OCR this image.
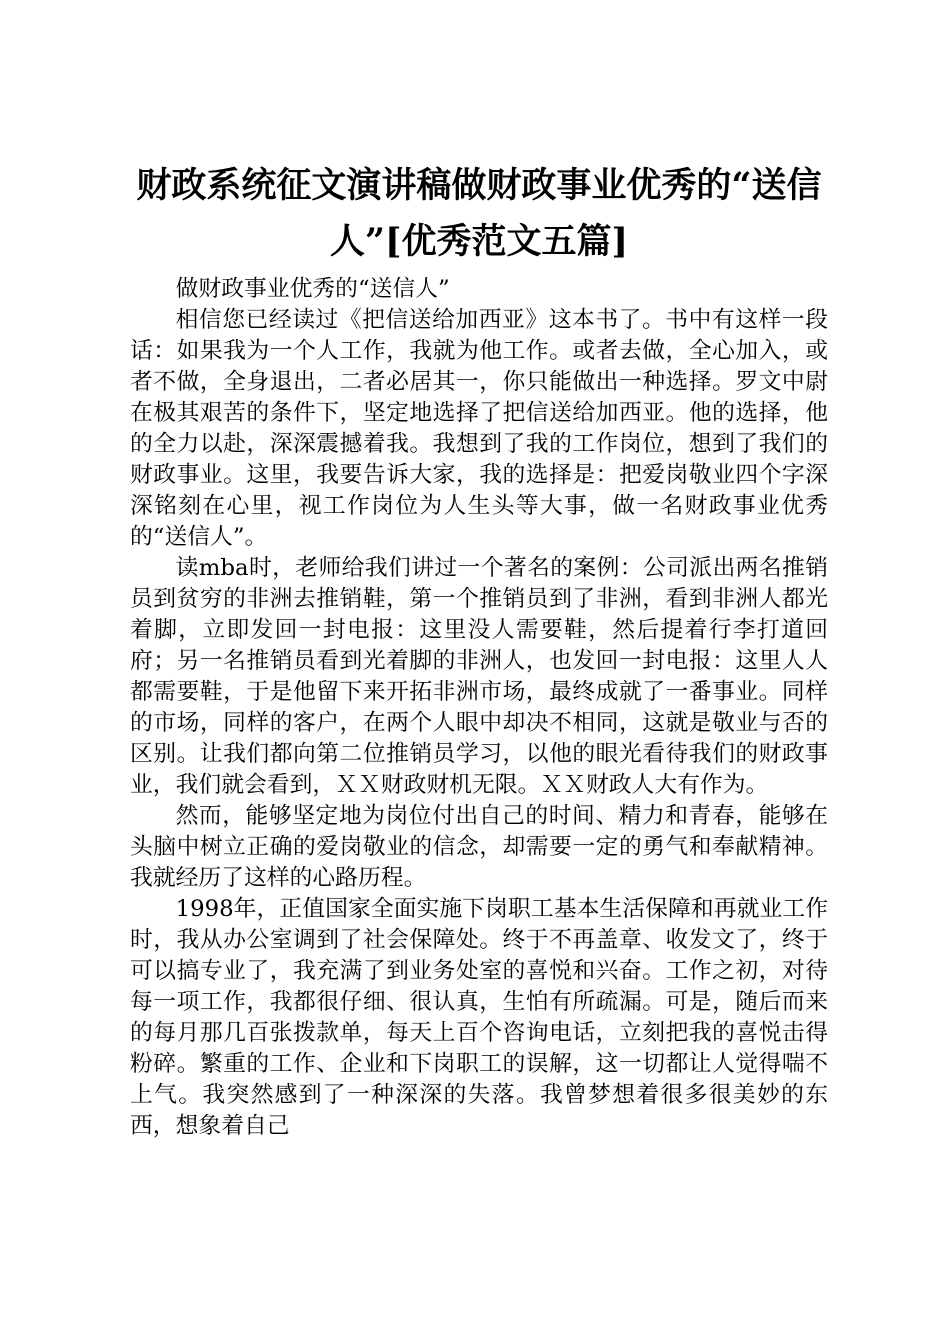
财政系统征文演讲稿做财政事业优秀的“送信
人”[优秀范文五篇]

做财政事业优秀的“送信人”

相信您已经读过《把信送给加西亚》这本书了。书中有这样一段话：如果我为一个人工作，我就为他工作。或者去做，全心加入，或者不做，全身退出，二者必居其一，你只能做出一种选择。罗文中尉在极其艰苦的条件下，坚定地选择了把信送给加西亚。他的选择，他的全力以赴，深深震撼着我。我想到了我的工作岗位，想到了我们的财政事业。这里，我要告诉大家，我的选择是：把爱岗敬业四个字深深铭刻在心里，视工作岗位为人生头等大事，做一名财政事业优秀的“送信人”。

读mba时，老师给我们讲过一个著名的案例：公司派出两名推销员到贫穷的非洲去推销鞋，第一个推销员到了非洲，看到非洲人都光着脚，立即发回一封电报：这里没人需要鞋，然后提着行李打道回府；另一名推销员看到光着脚的非洲人，也发回一封电报：这里人人都需要鞋，于是他留下来开拓非洲市场，最终成就了一番事业。同样的市场，同样的客户，在两个人眼中却决不相同，这就是敬业与否的区别。让我们都向第二位推销员学习，以他的眼光看待我们的财政事业，我们就会看到，ＸＸ财政财机无限。ＸＸ财政人大有作为。

然而，能够坚定地为岗位付出自己的时间、精力和青春，能够在头脑中树立正确的爱岗敬业的信念，却需要一定的勇气和奉献精神。我就经历了这样的心路历程。

1998年，正值国家全面实施下岗职工基本生活保障和再就业工作时，我从办公室调到了社会保障处。终于不再盖章、收发文了，终于可以搞专业了，我充满了到业务处室的喜悦和兴奋。工作之初，对待每一项工作，我都很仔细、很认真，生怕有所疏漏。可是，随后而来的每月那几百张拨款单，每天上百个咨询电话，立刻把我的喜悦击得粉碎。繁重的工作、企业和下岗职工的误解，这一切都让人觉得喘不上气。我突然感到了一种深深的失落。我曾梦想着很多很美妙的东西，想象着自己
